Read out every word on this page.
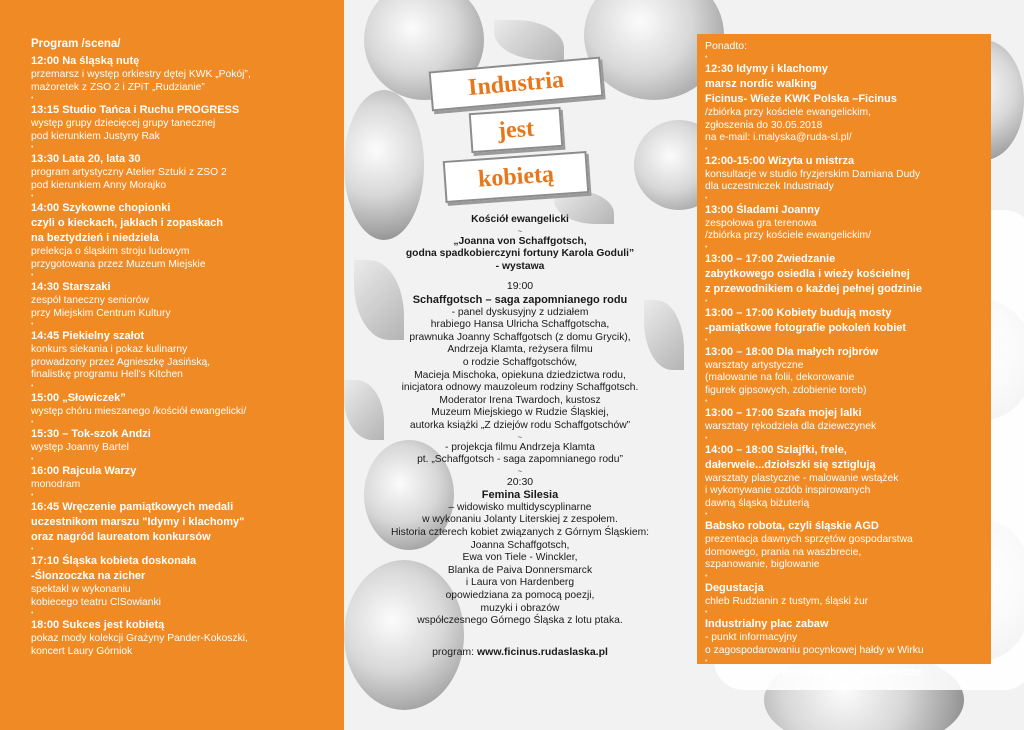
Program /scena/
12:00 Na śląską nutę
przemarsz i występ orkiestry dętej KWK „Pokój”,
mażoretek z ZSO 2 i ZPiT „Rudzianie”
•
13:15 Studio Tańca i Ruchu PROGRESS
występ grupy dziecięcej grupy tanecznej
pod kierunkiem Justyny Rak
•
13:30 Lata 20, lata 30
program artystyczny Atelier Sztuki z ZSO 2
pod kierunkiem Anny Morajko
•
14:00 Szykowne chopionki
czyli o kieckach, jaklach i zopaskach
na beztydzień i niedziela
prelekcja o śląskim stroju ludowym
przygotowana przez Muzeum Miejskie
•
14:30 Starszaki
zespół taneczny seniorów
przy Miejskim Centrum Kultury
•
14:45 Piekielny szałot
konkurs siekania i pokaz kulinarny
prowadzony przez Agnieszkę Jasińską,
finalistkę programu Hell's Kitchen
•
15:00 „Słowiczek”
występ chóru mieszanego /kościół ewangelicki/
•
15:30 – Tok-szok Andzi
występ Joanny Bartel
•
16:00 Rajcula Warzy
monodram
•
16:45 Wręczenie pamiątkowych medali
uczestnikom marszu "Idymy i klachomy"
oraz nagród laureatom konkursów
•
17:10 Śląska kobieta doskonała
-Ślonzoczka na zicher
spektakl w wykonaniu
kobiecego teatru ClSowianki
•
18:00 Sukces jest kobietą
pokaz mody kolekcji Grażyny Pander-Kokoszki,
koncert Laury Górniok
Industria
jest
kobietą
Kościół ewangelicki
~
„Joanna von Schaffgotsch,
godna spadkobierczyni fortuny Karola Goduli”
- wystawa
19:00
Schaffgotsch – saga zapomnianego rodu
- panel dyskusyjny z udziałem
hrabiego Hansa Ulricha Schaffgotscha,
prawnuka Joanny Schaffgotsch (z domu Grycik),
Andrzeja Klamta, reżysera filmu
o rodzie Schaffgotschów,
Macieja Mischoka, opiekuna dziedzictwa rodu,
inicjatora odnowy mauzoleum rodziny Schaffgotsch.
Moderator Irena Twardoch, kustosz
Muzeum Miejskiego w Rudzie Śląskiej,
autorka książki „Z dziejów rodu Schaffgotschów”
~
- projekcja filmu Andrzeja Klamta
pt. „Schaffgotsch - saga zapomnianego rodu”
~
20:30
Femina Silesia
– widowisko multidyscyplinarne
w wykonaniu Jolanty Literskiej z zespołem.
Historia czterech kobiet związanych z Górnym Śląskiem:
Joanna Schaffgotsch,
Ewa von Tiele - Winckler,
Blanka de Paiva Donnersmarck
i Laura von Hardenberg
opowiedziana za pomocą poezji,
muzyki i obrazów
współczesnego Górnego Śląska z lotu ptaka.
program: www.ficinus.rudaslaska.pl
Ponadto:
•
12:30 Idymy i klachomy
marsz nordic walking
Ficinus- Wieże KWK Polska –Ficinus
/zbiórka przy kościele ewangelickim,
zgłoszenia do 30.05.2018
na e-mail: i.malyska@ruda-sl.pl/
•
12:00-15:00 Wizyta u mistrza
konsultacje w studio fryzjerskim Damiana Dudy
dla uczestniczek Industriady
•
13:00 Śladami Joanny
zespołowa gra terenowa
/zbiórka przy kościele ewangelickim/
•
13:00 – 17:00 Zwiedzanie
zabytkowego osiedla i wieży kościelnej
z przewodnikiem o każdej pełnej godzinie
•
13:00 – 17:00 Kobiety budują mosty
-pamiątkowe fotografie pokoleń kobiet
•
13:00 – 18:00 Dla małych rojbrów
warsztaty artystyczne
(malowanie na folii, dekorowanie
figurek gipsowych, zdobienie toreb)
•
13:00 – 17:00 Szafa mojej lalki
warsztaty rękodzieła dla dziewczynek
•
14:00 – 18:00 Szlajfki, frele,
dałerwele...dziołszki się sztiglują
warsztaty plastyczne - malowanie wstążek
i wykonywanie ozdób inspirowanych
dawną śląską biżuterią
•
Babsko robota, czyli śląskie AGD
prezentacja dawnych sprzętów gospodarstwa
domowego, prania na waszbrecie,
szpanowanie, biglowanie
•
Degustacja
chleb Rudzianin z tustym, śląski żur
•
Industrialny plac zabaw
- punkt informacyjny
o zagospodarowaniu pocynkowej hałdy w Wirku
•
Stoiska rzemieślnicze i wydawnicze
